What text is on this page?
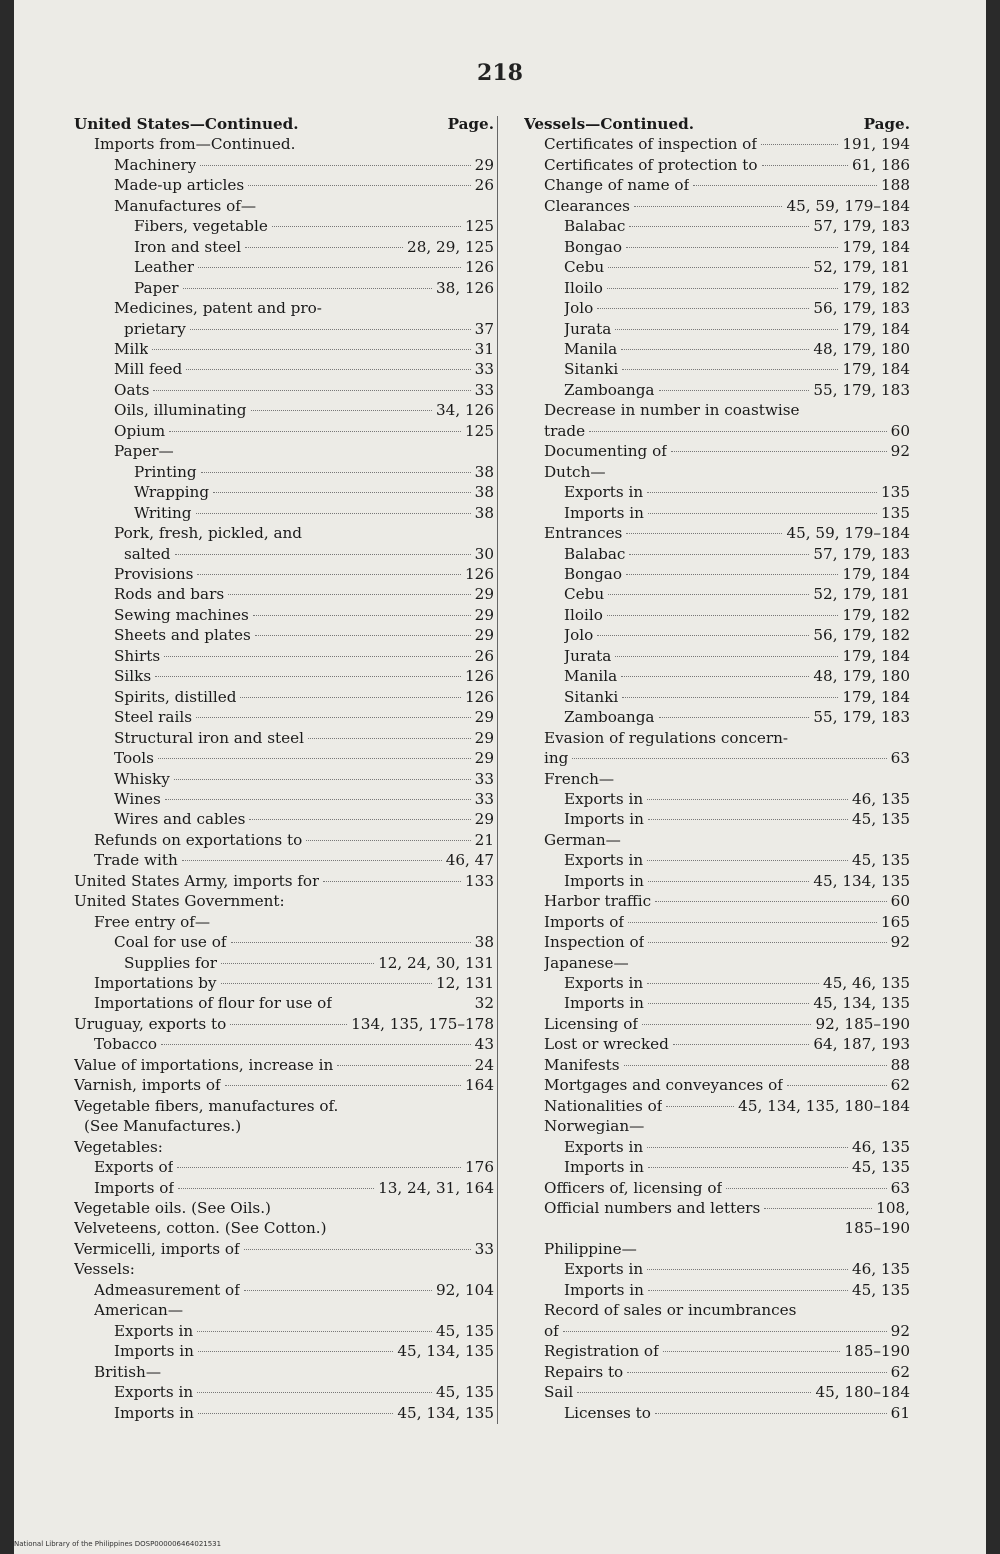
218
United States—Continued.	Page.
Imports from—Continued.
Machinery	29
Made-up articles	26
Manufactures of—
Fibers, vegetable	125
Iron and steel	28, 29, 125
Leather	126
Paper	38, 126
Medicines, patent and pro-
prietary	37
Milk	31
Mill feed	33
Oats	33
Oils, illuminating	34, 126
Opium	125
Paper—
Printing	38
Wrapping	38
Writing	38
Pork, fresh, pickled, and
salted	30
Provisions	126
Rods and bars	29
Sewing machines	29
Sheets and plates	29
Shirts	26
Silks	126
Spirits, distilled	126
Steel rails	29
Structural iron and steel	29
Tools	29
Whisky	33
Wines	33
Wires and cables	29
Refunds on exportations to	21
Trade with	46, 47
United States Army, imports for	133
United States Government:
Free entry of—
Coal for use of	38
Supplies for	12, 24, 30, 131
Importations by	12, 131
Importations of flour for use of	32
Uruguay, exports to	134, 135, 175–178
Tobacco	43
Value of importations, increase in	24
Varnish, imports of	164
Vegetable fibers, manufactures of.
(See Manufactures.)
Vegetables:
Exports of	176
Imports of	13, 24, 31, 164
Vegetable oils. (See Oils.)
Velveteens, cotton. (See Cotton.)
Vermicelli, imports of	33
Vessels:
Admeasurement of	92, 104
American—
Exports in	45, 135
Imports in	45, 134, 135
British—
Exports in	45, 135
Imports in	45, 134, 135
Vessels—Continued.	Page.
Certificates of inspection of	191, 194
Certificates of protection to	61, 186
Change of name of	188
Clearances	45, 59, 179–184
Balabac	57, 179, 183
Bongao	179, 184
Cebu	52, 179, 181
Iloilo	179, 182
Jolo	56, 179, 183
Jurata	179, 184
Manila	48, 179, 180
Sitanki	179, 184
Zamboanga	55, 179, 183
Decrease in number in coastwise
trade	60
Documenting of	92
Dutch—
Exports in	135
Imports in	135
Entrances	45, 59, 179–184
Balabac	57, 179, 183
Bongao	179, 184
Cebu	52, 179, 181
Iloilo	179, 182
Jolo	56, 179, 182
Jurata	179, 184
Manila	48, 179, 180
Sitanki	179, 184
Zamboanga	55, 179, 183
Evasion of regulations concern-
ing	63
French—
Exports in	46, 135
Imports in	45, 135
German—
Exports in	45, 135
Imports in	45, 134, 135
Harbor traffic	60
Imports of	165
Inspection of	92
Japanese—
Exports in	45, 46, 135
Imports in	45, 134, 135
Licensing of	92, 185–190
Lost or wrecked	64, 187, 193
Manifests	88
Mortgages and conveyances of	62
Nationalities of	45, 134, 135, 180–184
Norwegian—
Exports in	46, 135
Imports in	45, 135
Officers of, licensing of	63
Official numbers and letters	108,
185–190
Philippine—
Exports in	46, 135
Imports in	45, 135
Record of sales or incumbrances
of	92
Registration of	185–190
Repairs to	62
Sail	45, 180–184
Licenses to	61
National Library of the Philippines DOSP000006464021531
